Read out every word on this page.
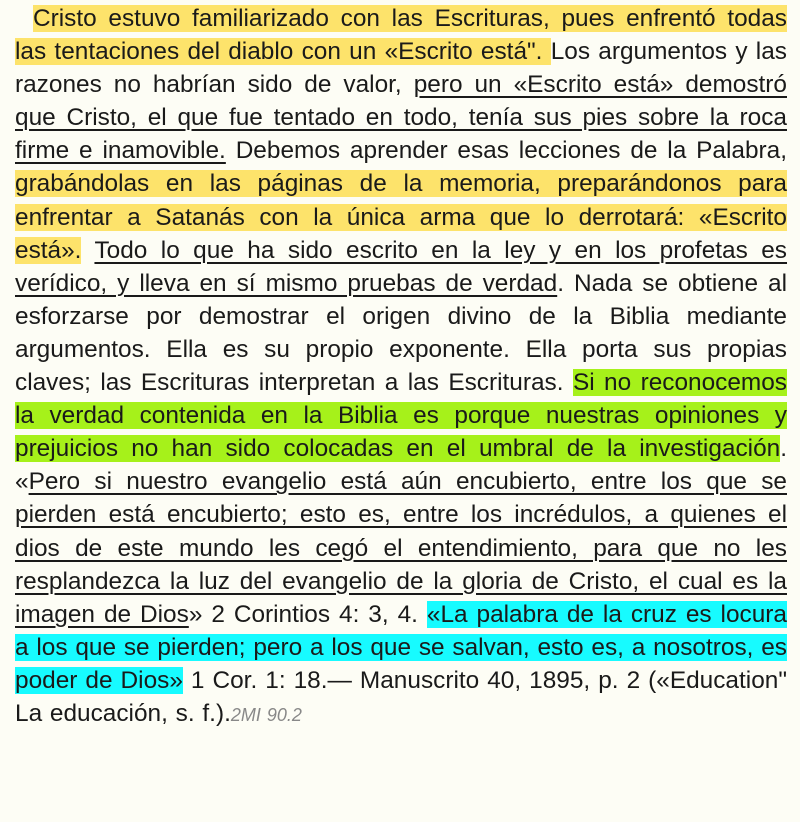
Cristo estuvo familiarizado con las Escrituras, pues enfrentó todas las tentaciones del diablo con un «Escrito está". Los argumentos y las razones no habrían sido de valor, pero un «Escrito está» demostró que Cristo, el que fue tentado en todo, tenía sus pies sobre la roca firme e inamovible. Debemos aprender esas lecciones de la Palabra, grabándolas en las páginas de la memoria, preparándonos para enfrentar a Satanás con la única arma que lo derrotará: «Escrito está». Todo lo que ha sido escrito en la ley y en los profetas es verídico, y lleva en sí mismo pruebas de verdad. Nada se obtiene al esforzarse por demostrar el origen divino de la Biblia mediante argumentos. Ella es su propio exponente. Ella porta sus propias claves; las Escrituras interpretan a las Escrituras. Si no reconocemos la verdad contenida en la Biblia es porque nuestras opiniones y prejuicios no han sido colocadas en el umbral de la investigación. «Pero si nuestro evangelio está aún encubierto, entre los que se pierden está encubierto; esto es, entre los incrédulos, a quienes el dios de este mundo les cegó el entendimiento, para que no les resplandezca la luz del evangelio de la gloria de Cristo, el cual es la imagen de Dios» 2 Corintios 4: 3, 4. «La palabra de la cruz es locura a los que se pierden; pero a los que se salvan, esto es, a nosotros, es poder de Dios» 1 Cor. 1: 18.— Manuscrito 40, 1895, p. 2 («Education" La educación, s. f.).2MI 90.2
